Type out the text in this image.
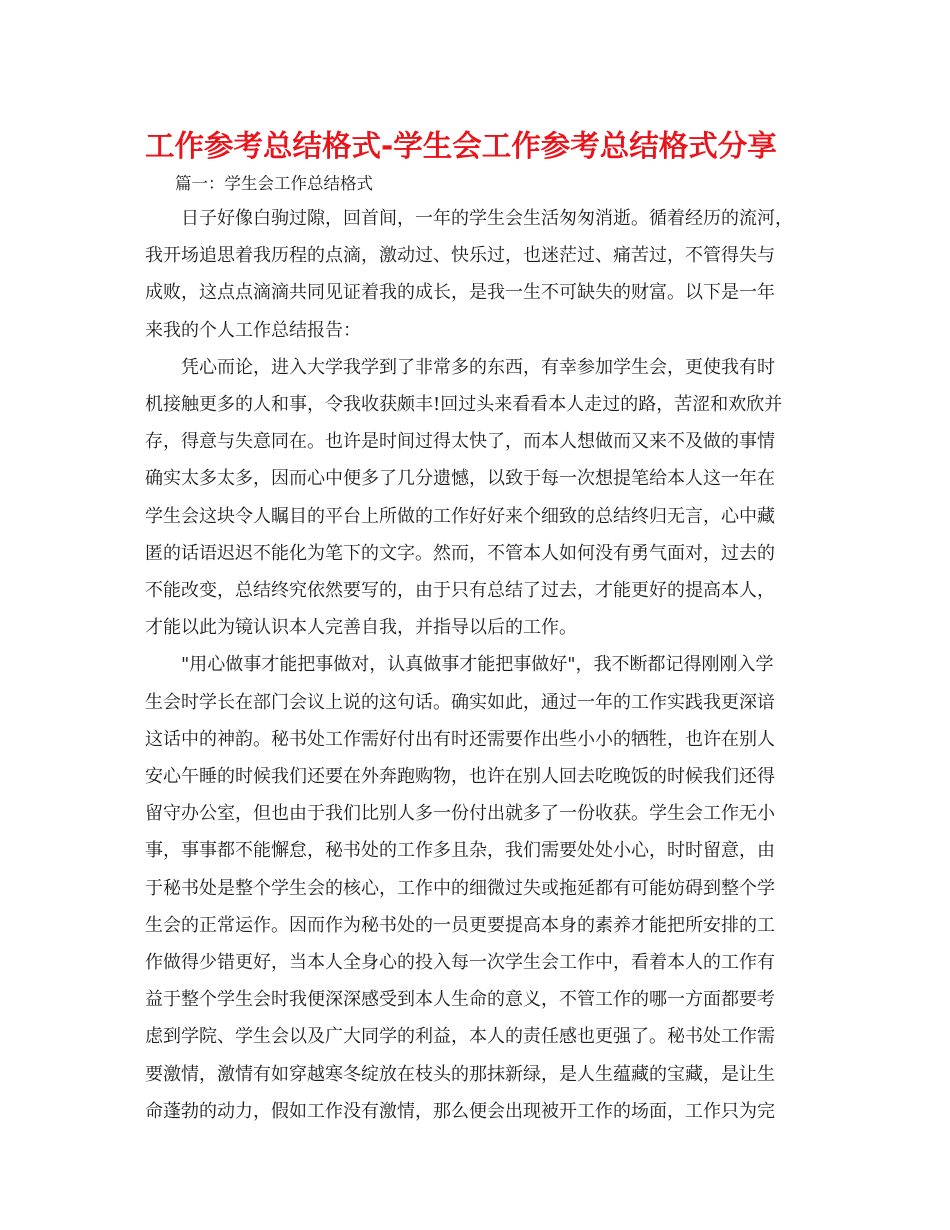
工作参考总结格式-学生会工作参考总结格式分享

篇一：学生会工作总结格式

日子好像白驹过隙，回首间，一年的学生会生活匆匆消逝。循着经历的流河，
我开场追思着我历程的点滴，激动过、快乐过，也迷茫过、痛苦过，不管得失与
成败，这点点滴滴共同见证着我的成长，是我一生不可缺失的财富。以下是一年
来我的个人工作总结报告：

凭心而论，进入大学我学到了非常多的东西，有幸参加学生会，更使我有时
机接触更多的人和事，令我收获颇丰!回过头来看看本人走过的路，苦涩和欢欣并
存，得意与失意同在。也许是时间过得太快了，而本人想做而又来不及做的事情
确实太多太多，因而心中便多了几分遗憾，以致于每一次想提笔给本人这一年在
学生会这块令人瞩目的平台上所做的工作好好来个细致的总结终归无言，心中藏
匿的话语迟迟不能化为笔下的文字。然而，不管本人如何没有勇气面对，过去的
不能改变，总结终究依然要写的，由于只有总结了过去，才能更好的提高本人，
才能以此为镜认识本人完善自我，并指导以后的工作。

"用心做事才能把事做对，认真做事才能把事做好"，我不断都记得刚刚入学
生会时学长在部门会议上说的这句话。确实如此，通过一年的工作实践我更深谙
这话中的神韵。秘书处工作需好付出有时还需要作出些小小的牺牲，也许在别人
安心午睡的时候我们还要在外奔跑购物，也许在别人回去吃晚饭的时候我们还得
留守办公室，但也由于我们比别人多一份付出就多了一份收获。学生会工作无小
事，事事都不能懈怠，秘书处的工作多且杂，我们需要处处小心，时时留意，由
于秘书处是整个学生会的核心，工作中的细微过失或拖延都有可能妨碍到整个学
生会的正常运作。因而作为秘书处的一员更要提高本身的素养才能把所安排的工
作做得少错更好，当本人全身心的投入每一次学生会工作中，看着本人的工作有
益于整个学生会时我便深深感受到本人生命的意义，不管工作的哪一方面都要考
虑到学院、学生会以及广大同学的利益，本人的责任感也更强了。秘书处工作需
要激情，激情有如穿越寒冬绽放在枝头的那抹新绿，是人生蕴藏的宝藏，是让生
命蓬勃的动力，假如工作没有激情，那么便会出现被开工作的场面，工作只为完
